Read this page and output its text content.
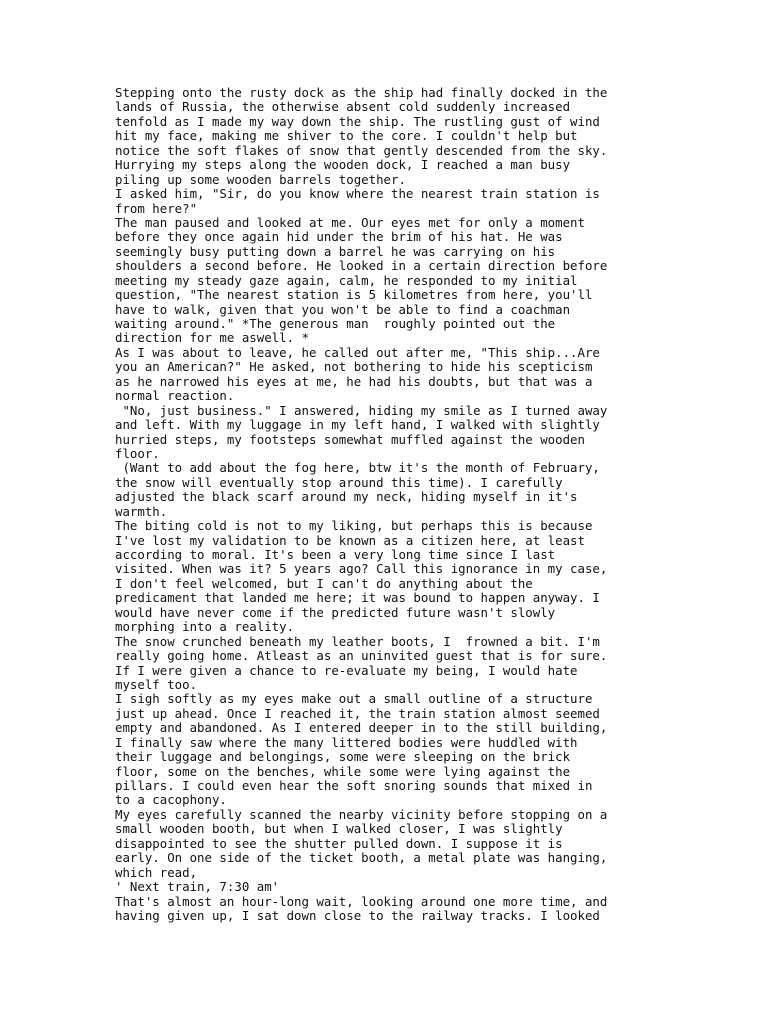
Stepping onto the rusty dock as the ship had finally docked in the
lands of Russia, the otherwise absent cold suddenly increased
tenfold as I made my way down the ship. The rustling gust of wind
hit my face, making me shiver to the core. I couldn't help but
notice the soft flakes of snow that gently descended from the sky.
Hurrying my steps along the wooden dock, I reached a man busy
piling up some wooden barrels together.
I asked him, "Sir, do you know where the nearest train station is
from here?"
The man paused and looked at me. Our eyes met for only a moment
before they once again hid under the brim of his hat. He was
seemingly busy putting down a barrel he was carrying on his
shoulders a second before. He looked in a certain direction before
meeting my steady gaze again, calm, he responded to my initial
question, "The nearest station is 5 kilometres from here, you'll
have to walk, given that you won't be able to find a coachman
waiting around." *The generous man  roughly pointed out the
direction for me aswell. *
As I was about to leave, he called out after me, "This ship...Are
you an American?" He asked, not bothering to hide his scepticism
as he narrowed his eyes at me, he had his doubts, but that was a
normal reaction.
"No, just business." I answered, hiding my smile as I turned away
and left. With my luggage in my left hand, I walked with slightly
hurried steps, my footsteps somewhat muffled against the wooden
floor.
(Want to add about the fog here, btw it's the month of February,
the snow will eventually stop around this time). I carefully
adjusted the black scarf around my neck, hiding myself in it's
warmth.
The biting cold is not to my liking, but perhaps this is because
I've lost my validation to be known as a citizen here, at least
according to moral. It's been a very long time since I last
visited. When was it? 5 years ago? Call this ignorance in my case,
I don't feel welcomed, but I can't do anything about the
predicament that landed me here; it was bound to happen anyway. I
would have never come if the predicted future wasn't slowly
morphing into a reality.
The snow crunched beneath my leather boots, I  frowned a bit. I'm
really going home. Atleast as an uninvited guest that is for sure.
If I were given a chance to re-evaluate my being, I would hate
myself too.
I sigh softly as my eyes make out a small outline of a structure
just up ahead. Once I reached it, the train station almost seemed
empty and abandoned. As I entered deeper in to the still building,
I finally saw where the many littered bodies were huddled with
their luggage and belongings, some were sleeping on the brick
floor, some on the benches, while some were lying against the
pillars. I could even hear the soft snoring sounds that mixed in
to a cacophony.
My eyes carefully scanned the nearby vicinity before stopping on a
small wooden booth, but when I walked closer, I was slightly
disappointed to see the shutter pulled down. I suppose it is
early. On one side of the ticket booth, a metal plate was hanging,
which read,
' Next train, 7:30 am'
That's almost an hour-long wait, looking around one more time, and
having given up, I sat down close to the railway tracks. I looked
